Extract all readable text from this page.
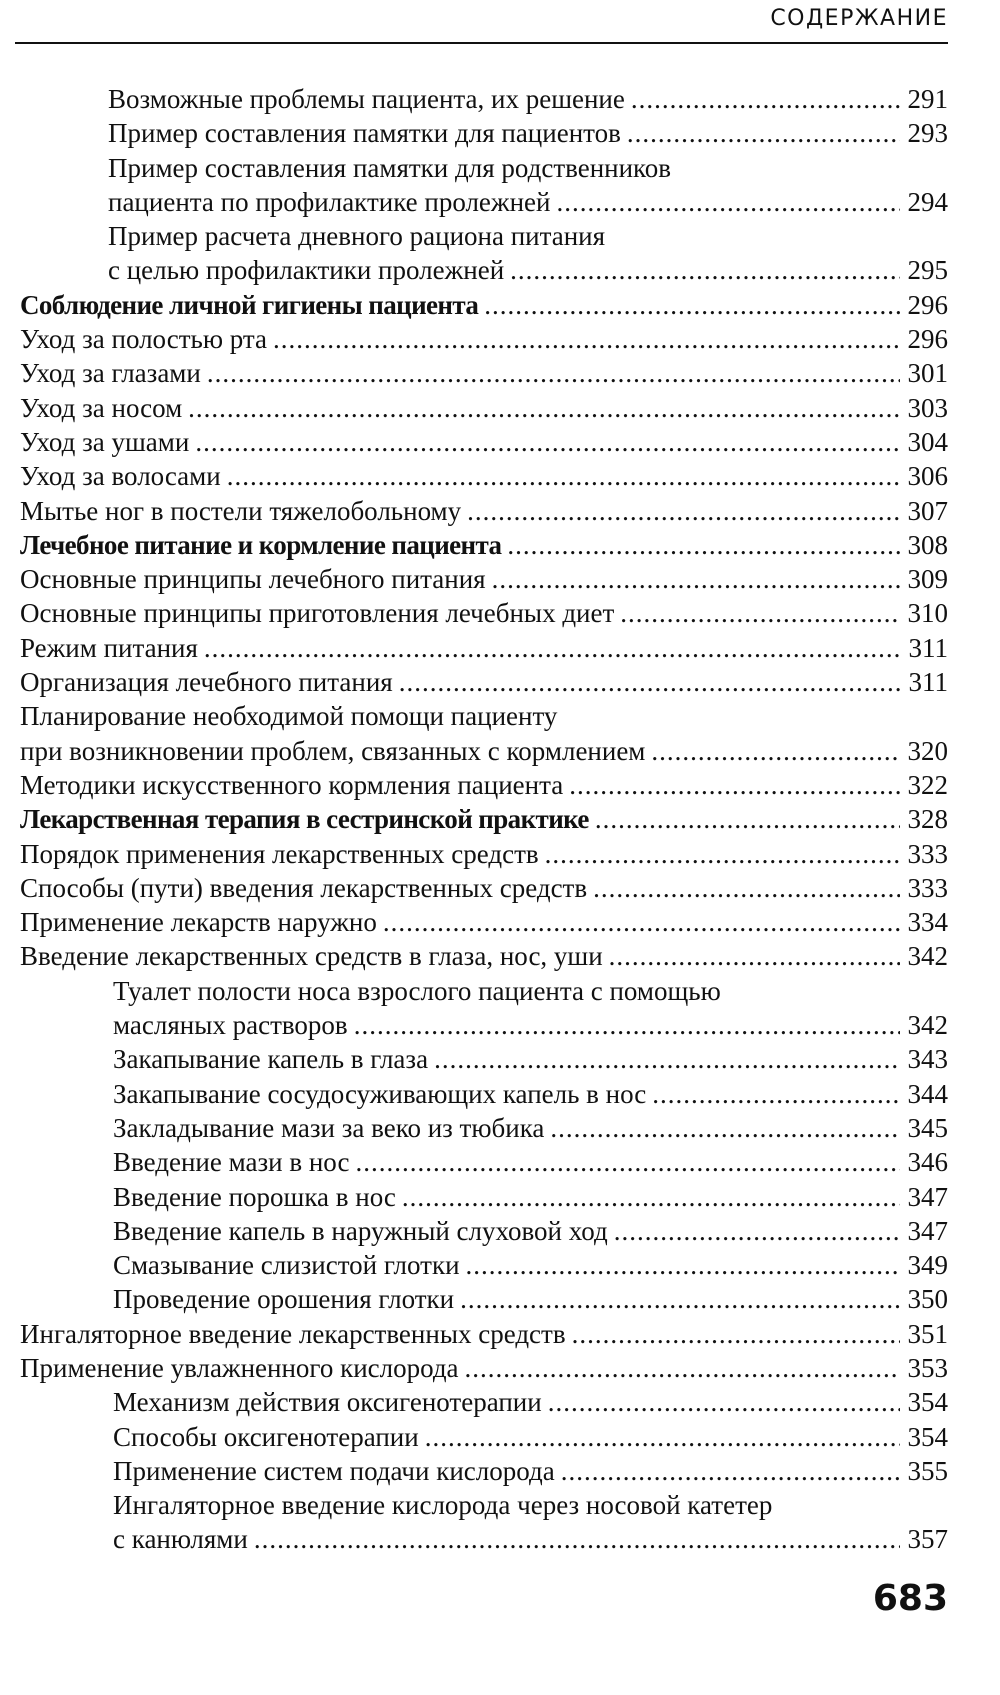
СОДЕРЖАНИЕ
Возможные проблемы пациента, их решение .....	291
Пример составления памятки для пациентов .....	293
Пример составления памятки для родственников
пациента по профилактике пролежней .....	294
Пример расчета дневного рациона питания
с целью профилактики пролежней .....	295
Соблюдение личной гигиены пациента .....	296
Уход за полостью рта .....	296
Уход за глазами .....	301
Уход за носом .....	303
Уход за ушами .....	304
Уход за волосами .....	306
Мытье ног в постели тяжелобольному .....	307
Лечебное питание и кормление пациента .....	308
Основные принципы лечебного питания .....	309
Основные принципы приготовления лечебных диет .....	310
Режим питания .....	311
Организация лечебного питания .....	311
Планирование необходимой помощи пациенту
при возникновении проблем, связанных с кормлением .....	320
Методики искусственного кормления пациента .....	322
Лекарственная терапия в сестринской практике .....	328
Порядок применения лекарственных средств .....	333
Способы (пути) введения лекарственных средств .....	333
Применение лекарств наружно .....	334
Введение лекарственных средств в глаза, нос, уши .....	342
Туалет полости носа взрослого пациента с помощью
масляных растворов .....	342
Закапывание капель в глаза .....	343
Закапывание сосудосуживающих капель в нос .....	344
Закладывание мази за веко из тюбика .....	345
Введение мази в нос .....	346
Введение порошка в нос .....	347
Введение капель в наружный слуховой ход .....	347
Смазывание слизистой глотки .....	349
Проведение орошения глотки .....	350
Ингаляторное введение лекарственных средств .....	351
Применение увлажненного кислорода .....	353
Механизм действия оксигенотерапии .....	354
Способы оксигенотерапии .....	354
Применение систем подачи кислорода .....	355
Ингаляторное введение кислорода через носовой катетер
с канюлями .....	357
683
